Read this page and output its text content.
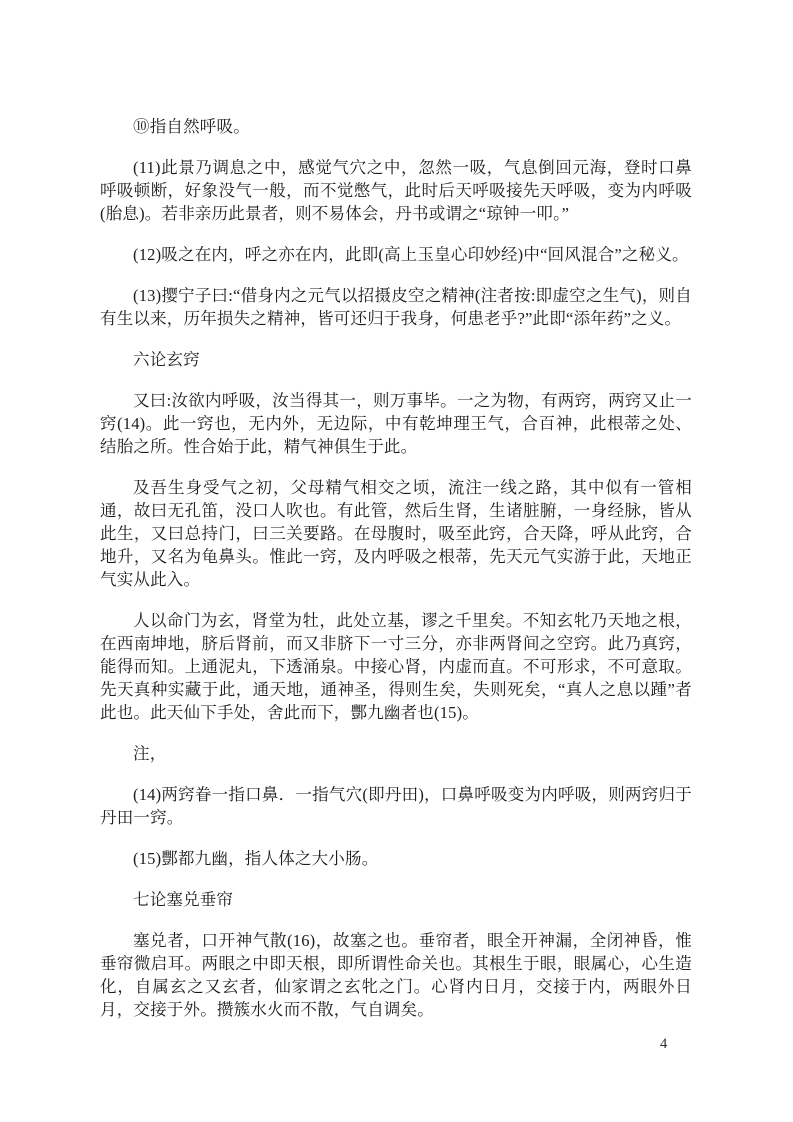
⑩指自然呼吸。

(11)此景乃调息之中，感觉气穴之中，忽然一吸，气息倒回元海，登时口鼻呼吸顿断，好象没气一般，而不觉憋气，此时后天呼吸接先天呼吸，变为内呼吸(胎息)。若非亲历此景者，则不易体会，丹书或谓之“琼钟一叩。”

(12)吸之在内，呼之亦在内，此即(高上玉皇心印妙经)中“回风混合”之秘义。

(13)撄宁子曰:“借身内之元气以招摄皮空之精神(注者按:即虚空之生气)，则自有生以来，历年损失之精神，皆可还归于我身，何患老乎?”此即“添年药”之义。

六论玄窍

又曰:汝欲内呼吸，汝当得其一，则万事毕。一之为物，有两窍，两窍又止一窍(14)。此一窍也，无内外，无边际，中有乾坤理王气，合百神，此根蒂之处、结胎之所。性合始于此，精气神俱生于此。

及吾生身受气之初，父母精气相交之顷，流注一线之路，其中似有一管相通，故曰无孔笛，没口人吹也。有此管，然后生肾，生诸脏腑，一身经脉，皆从此生，又曰总持门，曰三关要路。在母腹时，吸至此窍，合天降，呼从此窍，合地升，又名为龟鼻头。惟此一窍，及内呼吸之根蒂，先天元气实游于此，天地正气实从此入。

人以命门为玄，肾堂为牡，此处立基，谬之千里矣。不知玄牝乃天地之根，在西南坤地，脐后肾前，而又非脐下一寸三分，亦非两肾间之空窍。此乃真窍，能得而知。上通泥丸，下透涌泉。中接心肾，内虚而直。不可形求，不可意取。先天真种实藏于此，通天地，通神圣，得则生矣，失则死矣，“真人之息以踵”者此也。此天仙下手处，舍此而下，酆九幽者也(15)。

注，

(14)两窍眷一指口鼻．一指气穴(即丹田)，口鼻呼吸变为内呼吸，则两窍归于丹田一窍。

(15)酆都九幽，指人体之大小肠。

七论塞兑垂帘

塞兑者，口开神气散(16)，故塞之也。垂帘者，眼全开神漏，全闭神昏，惟垂帘微启耳。两眼之中即天根，即所谓性命关也。其根生于眼，眼属心，心生造化，自属玄之又玄者，仙家谓之玄牝之门。心肾内日月，交接于内，两眼外日月，交接于外。攒簇水火而不散，气自调矣。

4
